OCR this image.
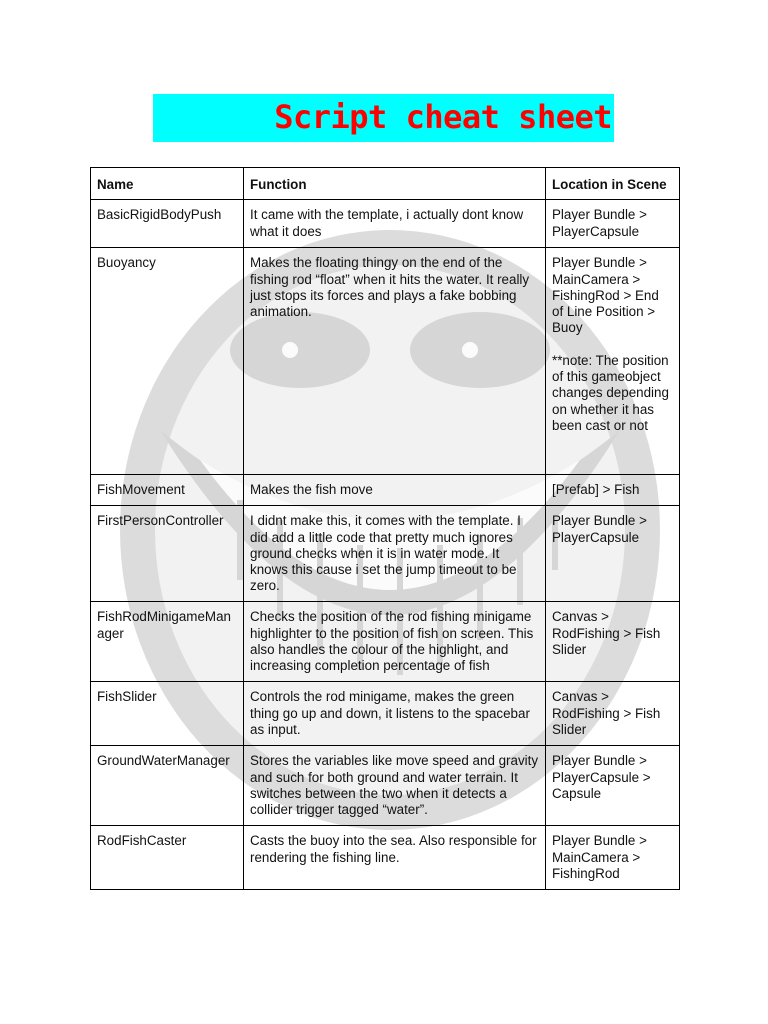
Script cheat sheet
Name	Function	Location in Scene
BasicRigidBodyPush	It came with the template, i actually dont know what it does	Player Bundle > PlayerCapsule
Buoyancy	Makes the floating thingy on the end of the fishing rod “float” when it hits the water. It really just stops its forces and plays a fake bobbing animation.	Player Bundle > MainCamera > FishingRod > End of Line Position > Buoy
**note: The position of this gameobject changes depending on whether it has been cast or not

FishMovement	Makes the fish move	[Prefab] > Fish
FirstPersonController	I didnt make this, it comes with the template. I did add a little code that pretty much ignores ground checks when it is in water mode. It knows this cause i set the jump timeout to be zero.	Player Bundle > PlayerCapsule
FishRodMinigameManager	Checks the position of the rod fishing minigame highlighter to the position of fish on screen. This also handles the colour of the highlight, and increasing completion percentage of fish	Canvas > RodFishing > Fish Slider
FishSlider	Controls the rod minigame, makes the green thing go up and down, it listens to the spacebar as input.	Canvas > RodFishing > Fish Slider
GroundWaterManager	Stores the variables like move speed and gravity and such for both ground and water terrain. It switches between the two when it detects a collider trigger tagged “water”.	Player Bundle > PlayerCapsule > Capsule
RodFishCaster	Casts the buoy into the sea. Also responsible for rendering the fishing line.	Player Bundle > MainCamera > FishingRod
